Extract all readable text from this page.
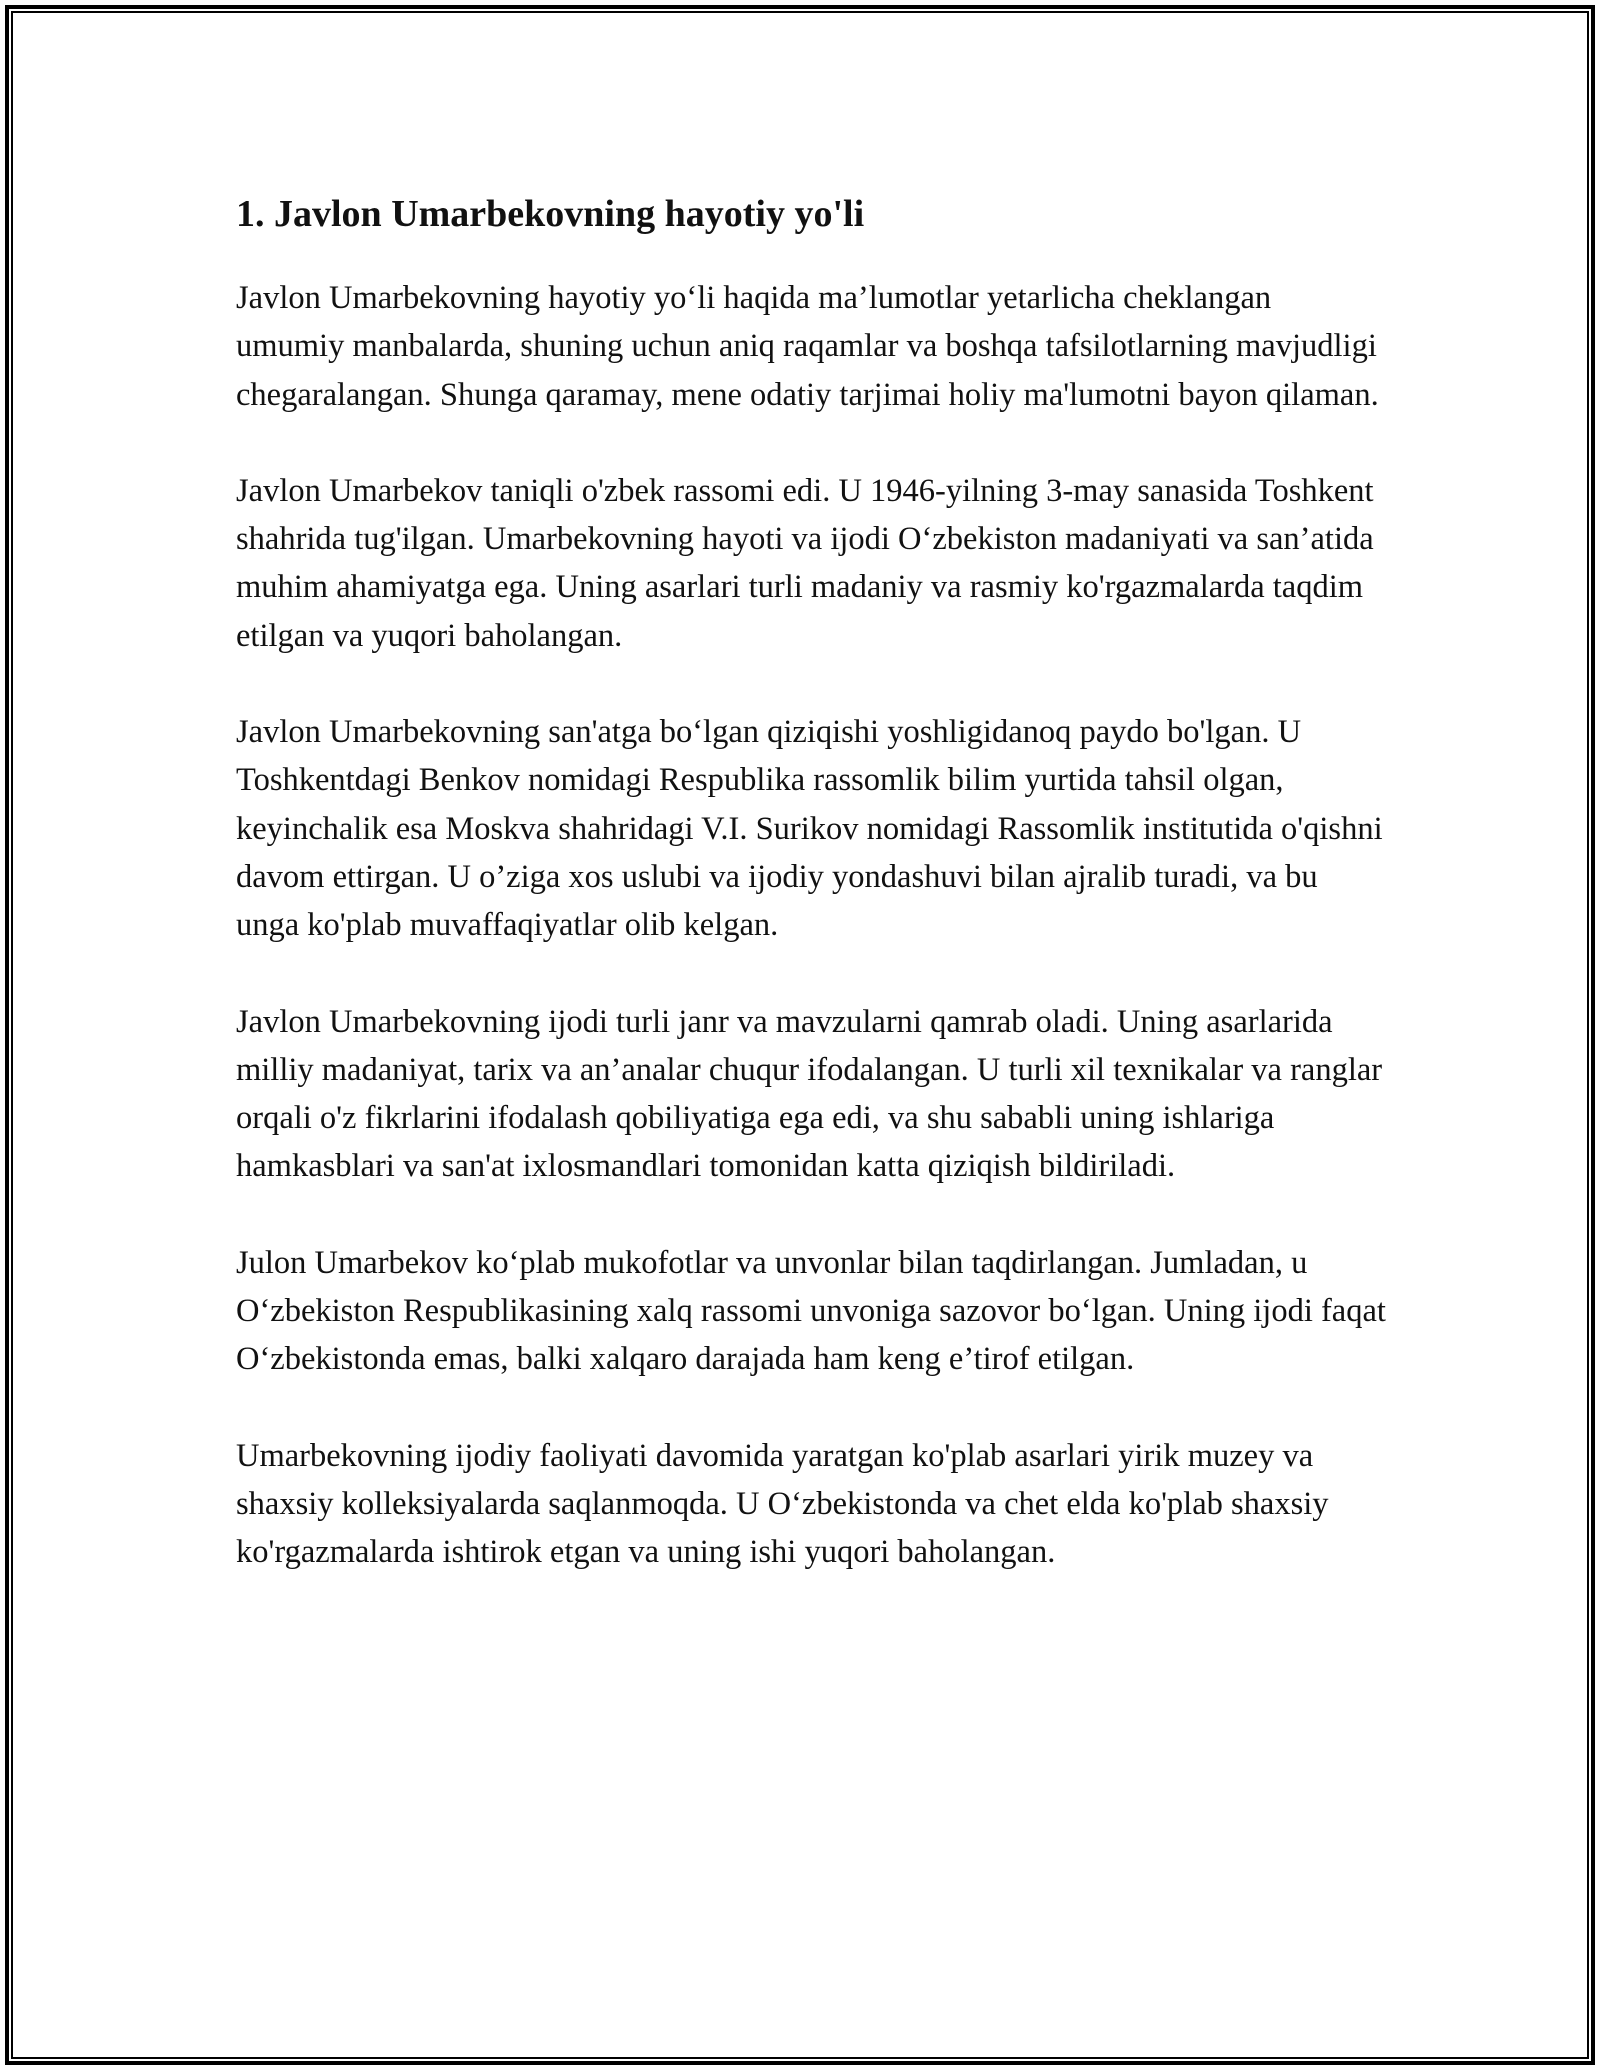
1. Javlon Umarbekovning hayotiy yo'li

Javlon Umarbekovning hayotiy yo‘li haqida ma’lumotlar yetarlicha cheklangan umumiy manbalarda, shuning uchun aniq raqamlar va boshqa tafsilotlarning mavjudligi chegaralangan. Shunga qaramay, mene odatiy tarjimai holiy ma'lumotni bayon qilaman.

Javlon Umarbekov taniqli o'zbek rassomi edi. U 1946-yilning 3-may sanasida Toshkent shahrida tug'ilgan. Umarbekovning hayoti va ijodi O‘zbekiston madaniyati va san’atida muhim ahamiyatga ega. Uning asarlari turli madaniy va rasmiy ko'rgazmalarda taqdim etilgan va yuqori baholangan.

Javlon Umarbekovning san'atga bo‘lgan qiziqishi yoshligidanoq paydo bo'lgan. U Toshkentdagi Benkov nomidagi Respublika rassomlik bilim yurtida tahsil olgan, keyinchalik esa Moskva shahridagi V.I. Surikov nomidagi Rassomlik institutida o'qishni davom ettirgan. U o’ziga xos uslubi va ijodiy yondashuvi bilan ajralib turadi, va bu unga ko'plab muvaffaqiyatlar olib kelgan.

Javlon Umarbekovning ijodi turli janr va mavzularni qamrab oladi. Uning asarlarida milliy madaniyat, tarix va an’analar chuqur ifodalangan. U turli xil texnikalar va ranglar orqali o'z fikrlarini ifodalash qobiliyatiga ega edi, va shu sababli uning ishlariga hamkasblari va san'at ixlosmandlari tomonidan katta qiziqish bildiriladi.

Julon Umarbekov ko‘plab mukofotlar va unvonlar bilan taqdirlangan. Jumladan, u O‘zbekiston Respublikasining xalq rassomi unvoniga sazovor bo‘lgan. Uning ijodi faqat O‘zbekistonda emas, balki xalqaro darajada ham keng e’tirof etilgan.

Umarbekovning ijodiy faoliyati davomida yaratgan ko'plab asarlari yirik muzey va shaxsiy kolleksiyalarda saqlanmoqda. U O‘zbekistonda va chet elda ko'plab shaxsiy ko'rgazmalarda ishtirok etgan va uning ishi yuqori baholangan.
